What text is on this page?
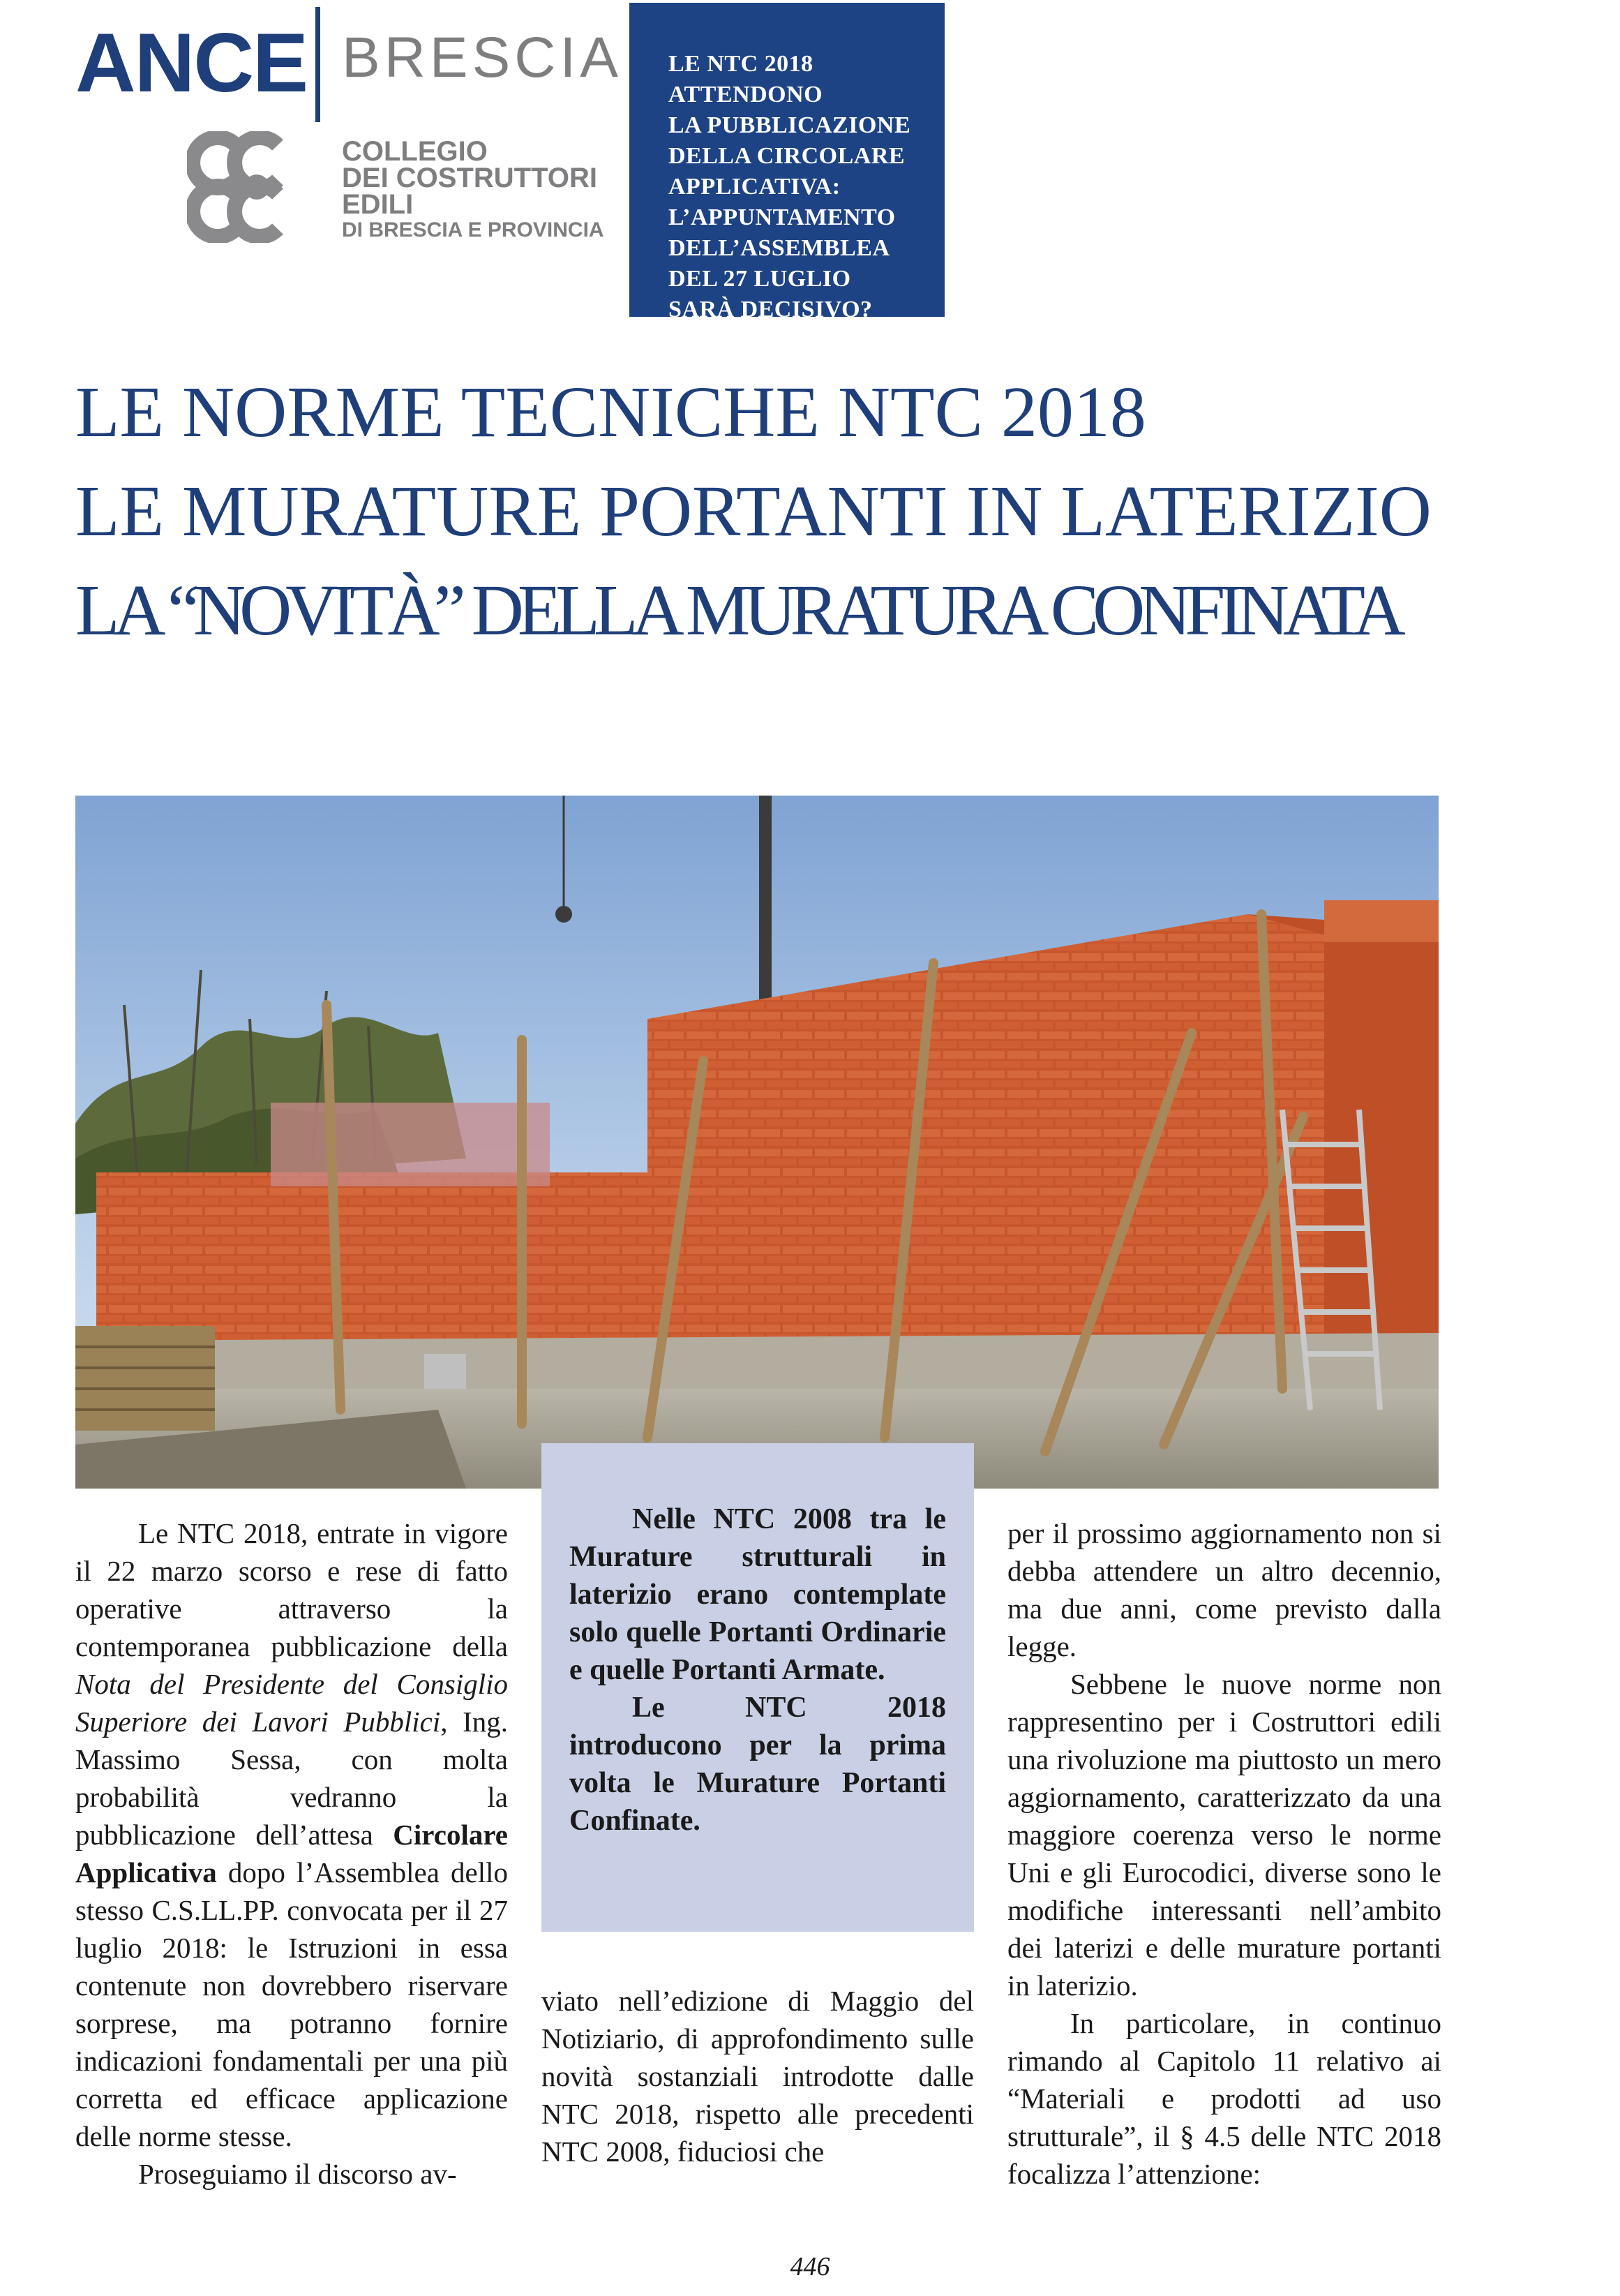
ANCE BRESCIA
COLLEGIO
DEI COSTRUTTORI
EDILI
DI BRESCIA E PROVINCIA
LE NTC 2018
ATTENDONO
LA PUBBLICAZIONE
DELLA CIRCOLARE
APPLICATIVA:
L’APPUNTAMENTO
DELL’ASSEMBLEA
DEL 27 LUGLIO
SARÀ DECISIVO?
LE NORME TECNICHE NTC 2018
LE MURATURE PORTANTI IN LATERIZIO
LA “NOVITÀ” DELLA MURATURA CONFINATA

Nelle NTC 2008 tra le Murature strutturali in laterizio erano contemplate solo quelle Portanti Ordinarie e quelle Portanti Armate.

Le NTC 2018 introducono per la prima volta le Murature Portanti Confinate.

Le NTC 2018, entrate in vigore il 22 marzo scorso e rese di fatto operative attraverso la contemporanea pubblicazione della Nota del Presidente del Consiglio Superiore dei Lavori Pubblici, Ing. Massimo Sessa, con molta probabilità vedranno la pubblicazione dell’attesa Circolare Applicativa dopo l’Assemblea dello stesso C.S.LL.PP. convocata per il 27 luglio 2018: le Istruzioni in essa contenute non dovrebbero riservare sorprese, ma potranno fornire indicazioni fondamentali per una più corretta ed efficace applicazione delle norme stesse.

Proseguiamo il discorso av-

viato nell’edizione di Maggio del Notiziario, di approfondimento sulle novità sostanziali introdotte dalle NTC 2018, rispetto alle precedenti NTC 2008, fiduciosi che

per il prossimo aggiornamento non si debba attendere un altro decennio, ma due anni, come previsto dalla legge.

Sebbene le nuove norme non rappresentino per i Costruttori edili una rivoluzione ma piuttosto un mero aggiornamento, caratterizzato da una maggiore coerenza verso le norme Uni e gli Eurocodici, diverse sono le modifiche interessanti nell’ambito dei laterizi e delle murature portanti in laterizio.

In particolare, in continuo rimando al Capitolo 11 relativo ai “Materiali e prodotti ad uso strutturale”, il § 4.5 delle NTC 2018 focalizza l’attenzione:

446
